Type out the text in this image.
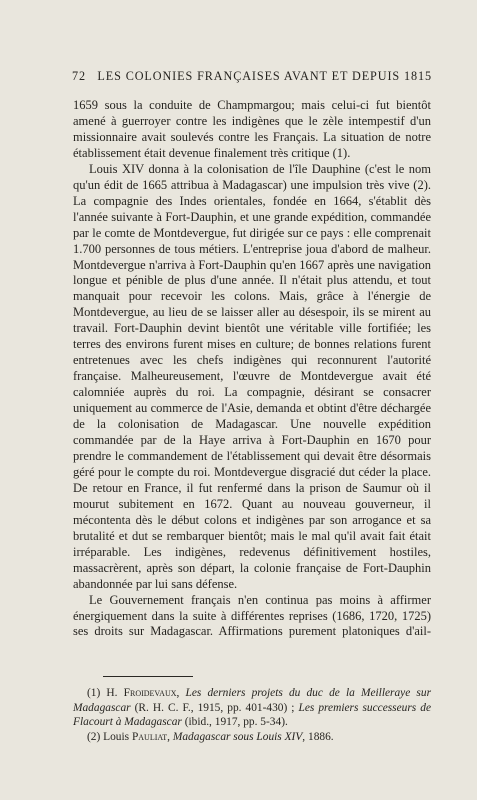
72 LES COLONIES FRANÇAISES AVANT ET DEPUIS 1815

1659 sous la conduite de Champmargou; mais celui-ci fut bientôt amené à guerroyer contre les indigènes que le zèle intempestif d'un missionnaire avait soulevés contre les Français. La situation de notre établissement était devenue finalement très critique (1).

Louis XIV donna à la colonisation de l'île Dauphine (c'est le nom qu'un édit de 1665 attribua à Madagascar) une impulsion très vive (2). La compagnie des Indes orientales, fondée en 1664, s'établit dès l'année suivante à Fort-Dauphin, et une grande expédition, commandée par le comte de Montdevergue, fut dirigée sur ce pays : elle comprenait 1.700 personnes de tous métiers. L'entreprise joua d'abord de malheur. Montdevergue n'arriva à Fort-Dauphin qu'en 1667 après une navigation longue et pénible de plus d'une année. Il n'était plus attendu, et tout manquait pour recevoir les colons. Mais, grâce à l'énergie de Montdevergue, au lieu de se laisser aller au désespoir, ils se mirent au travail. Fort-Dauphin devint bientôt une véritable ville fortifiée; les terres des environs furent mises en culture; de bonnes relations furent entretenues avec les chefs indigènes qui reconnurent l'autorité française. Malheureusement, l'œuvre de Montdevergue avait été calomniée auprès du roi. La compagnie, désirant se consacrer uniquement au commerce de l'Asie, demanda et obtint d'être déchargée de la colonisation de Madagascar. Une nouvelle expédition commandée par de la Haye arriva à Fort-Dauphin en 1670 pour prendre le commandement de l'établissement qui devait être désormais géré pour le compte du roi. Montdevergue disgracié dut céder la place. De retour en France, il fut renfermé dans la prison de Saumur où il mourut subitement en 1672. Quant au nouveau gouverneur, il mécontenta dès le début colons et indigènes par son arrogance et sa brutalité et dut se rembarquer bientôt; mais le mal qu'il avait fait était irréparable. Les indigènes, redevenus définitivement hostiles, massacrèrent, après son départ, la colonie française de Fort-Dauphin abandonnée par lui sans défense.

Le Gouvernement français n'en continua pas moins à affirmer énergiquement dans la suite à différentes reprises (1686, 1720, 1725) ses droits sur Madagascar. Affirmations purement platoniques d'ail-

(1) H. Froidevaux, Les derniers projets du duc de la Meilleraye sur Madagascar (R. H. C. F., 1915, pp. 401-430) ; Les premiers successeurs de Flacourt à Madagascar (ibid., 1917, pp. 5-34).

(2) Louis Pauliat, Madagascar sous Louis XIV, 1886.
